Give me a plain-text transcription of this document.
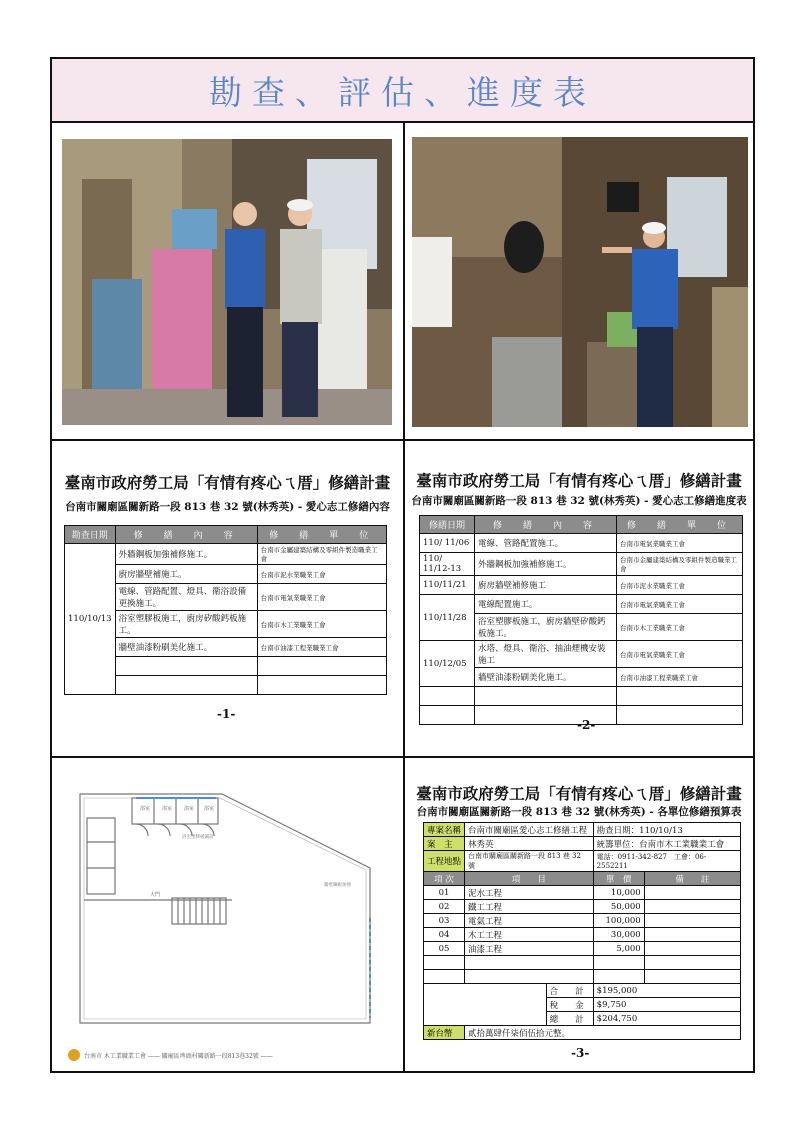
勘查、評估、進度表
臺南市政府勞工局「有情有疼心ㄟ厝」修繕計畫
台南市關廟區關新路一段 813 巷 32 號(林秀英) - 愛心志工修繕內容
勘查日期	修　繕　內　容	修　繕　單　位
110/10/13	外牆鋼板加強補修施工。	台南市金屬建築結構及零組件製造職業工會
	廚房牆壁補施工。	台南市泥水業職業工會
	電線、管路配置、燈具、衛浴設備更換施工。	台南市電氣業職業工會
	浴室塑膠板施工，廚房矽酸鈣板施工。	台南市木工業職業工會
	牆壁油漆粉刷美化施工。	台南市油漆工程業職業工會

-1-
臺南市政府勞工局「有情有疼心ㄟ厝」修繕計畫
台南市關廟區關新路一段 813 巷 32 號(林秀英) - 愛心志工修繕進度表
修繕日期	修　繕　內　容	修　繕　單　位
110/ 11/06	電線、管路配置施工。	台南市電氣業職業工會
110/ 11/12-13	外牆鋼板加強補修施工。	台南市金屬建築結構及零組件製造職業工會
110/11/21	廚房牆壁補修施工	台南市泥水業職業工會
110/11/28	電線配置施工。	台南市電氣業職業工會
	浴室塑膠板施工，廚房牆壁矽酸鈣板施工。	台南市木工業職業工會
110/12/05	水塔、燈具、衛浴、抽油煙機安裝施工	台南市電氣業職業工會
	牆壁油漆粉刷美化施工。	台南市油漆工程業職業工會

-2-
浴室 浴室 浴室 浴室
浴室塑膠板鋪設
大門
牆壁鋼板加強
台南市 木工業職業工會 —— 關廟區埤頭村關新路一段813巷32號 ——
臺南市政府勞工局「有情有疼心ㄟ厝」修繕計畫
台南市關廟區關新路一段 813 巷 32 號(林秀英) - 各單位修繕預算表
專案名稱	台南市關廟區愛心志工修繕工程		勘查日期：110/10/13	
案　主	林秀英		統籌單位：台南市木工業職業工會	
工程地點	台南市關廟區關新路一段 813 巷 32 號		電話：0911-342-827　工會：06-2552211	
項 次	項　　目		單　價	備　　註
01	泥水工程		10,000	
02	鐵工工程		50,000	
03	電氣工程		100,000	
04	木工工程		30,000	
05	油漆工程		5,000	

		合　　計	$195,000	
		稅　　金	$9,750	
		總　　計	$204,750	
新台幣	貳拾萬肆仟柒佰伍拾元整。			
-3-
